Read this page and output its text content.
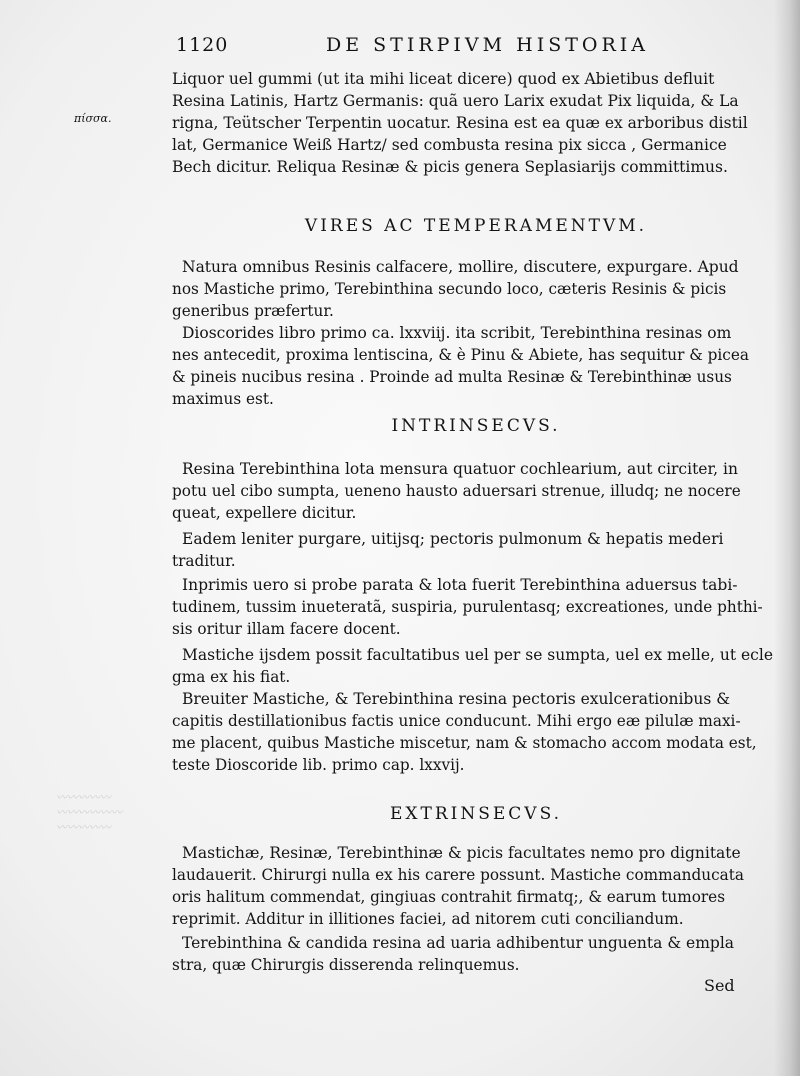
〰〰〰〰〰
〰〰〰〰〰〰
〰〰〰〰〰
1120	DE STIRPIVM HISTORIA
πίσσα.
Liquor uel gummi (ut ita mihi liceat dicere) quod ex Abietibus defluit
Resina Latinis, Hartz Germanis: quã uero Larix exudat Pix liquida, & La
rigna, Teütscher Terpentin uocatur. Resina est ea quæ ex arboribus distil
lat, Germanice Weiß Hartz/ sed combusta resina pix sicca , Germanice
Bech dicitur. Reliqua Resinæ & picis genera Seplasiarijs committimus.
VIRES AC TEMPERAMENTVM.
Natura omnibus Resinis calfacere, mollire, discutere, expurgare. Apud
nos Mastiche primo, Terebinthina secundo loco, cæteris Resinis & picis
generibus præfertur.
Dioscorides libro primo ca. lxxviij. ita scribit, Terebinthina resinas om
nes antecedit, proxima lentiscina, & è Pinu & Abiete, has sequitur & picea
& pineis nucibus resina . Proinde ad multa Resinæ & Terebinthinæ usus
maximus est.
INTRINSECVS.
Resina Terebinthina lota mensura quatuor cochlearium, aut circiter, in
potu uel cibo sumpta, ueneno hausto aduersari strenue, illudq; ne nocere
queat, expellere dicitur.
Eadem leniter purgare, uitijsq; pectoris pulmonum & hepatis mederi
traditur.
Inprimis uero si probe parata & lota fuerit Terebinthina aduersus tabi-
tudinem, tussim inueteratã, suspiria, purulentasq; excreationes, unde phthi-
sis oritur illam facere docent.
Mastiche ijsdem possit facultatibus uel per se sumpta, uel ex melle, ut ecle
gma ex his fiat.
Breuiter Mastiche, & Terebinthina resina pectoris exulcerationibus &
capitis destillationibus factis unice conducunt. Mihi ergo eæ pilulæ maxi-
me placent, quibus Mastiche miscetur, nam & stomacho accom modata est,
teste Dioscoride lib. primo cap. lxxvij.
EXTRINSECVS.
Mastichæ, Resinæ, Terebinthinæ & picis facultates nemo pro dignitate
laudauerit. Chirurgi nulla ex his carere possunt. Mastiche commanducata
oris halitum commendat, gingiuas contrahit firmatq;, & earum tumores
reprimit. Additur in illitiones faciei, ad nitorem cuti conciliandum.
Terebinthina & candida resina ad uaria adhibentur unguenta & empla
stra, quæ Chirurgis disserenda relinquemus.
Sed
